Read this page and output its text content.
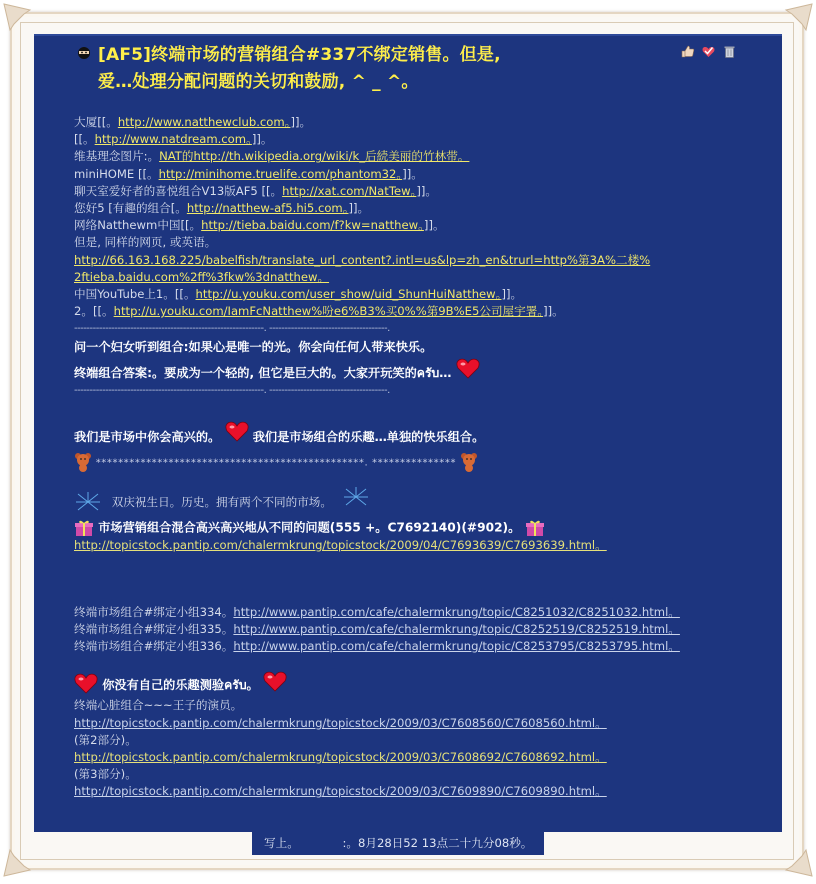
[AF5]终端市场的营销组合#337不绑定销售。但是,
爱…处理分配问题的关切和鼓励, ^ _ ^。
大厦[[。http://www.natthewclub.com。]]。
[[。http://www.natdream.com。]]。
维基理念图片:。NAT的http://th.wikipedia.org/wiki/k_后続美丽的竹林带。
miniHOME [[。http://minihome.truelife.com/phantom32。]]。
聊天室爱好者的喜悦组合V13版AF5 [[。http://xat.com/NatTew。]]。
您好5 [有趣的组合[。http://natthew-af5.hi5.com。]]。
网络Natthewm中国[[。http://tieba.baidu.com/f?kw=natthew。]]。
但是, 同样的网页, 或英语。
http://66.163.168.225/babelfish/translate_url_content?.intl=us&lp=zh_en&trurl=http%第3A%二楼%
2ftieba.baidu.com%2ff%3fkw%3dnatthew。
中国YouTube上1。[[。http://u.youku.com/user_show/uid_ShunHuiNatthew。]]。
2。[[。http://u.youku.com/IamFcNatthew%吩e6%B3%买0%%第9B%E5公司屋宇署。]]。
-------------------------------------------------------------. --------------------------------------.
问一个妇女听到组合:如果心是唯一的光。你会向任何人带来快乐。
终端组合答案:。要成为一个轻的, 但它是巨大的。大家开玩笑的ครับ…
-------------------------------------------------------------. --------------------------------------.
我们是市场中你会高兴的。	我们是市场组合的乐趣…单独的快乐组合。
************************************************. ***************
双庆祝生日。历史。拥有两个不同的市场。
市场营销组合混合高兴高兴地从不同的问题(555 +。C7692140)(#902)。
http://topicstock.pantip.com/chalermkrung/topicstock/2009/04/C7693639/C7693639.html。
终端市场组合#绑定小组334。http://www.pantip.com/cafe/chalermkrung/topic/C8251032/C8251032.html。
终端市场组合#绑定小组335。http://www.pantip.com/cafe/chalermkrung/topic/C8252519/C8252519.html。
终端市场组合#绑定小组336。http://www.pantip.com/cafe/chalermkrung/topic/C8253795/C8253795.html。
你没有自己的乐趣测验ครับ。
终端心脏组合~~~王子的演员。
http://topicstock.pantip.com/chalermkrung/topicstock/2009/03/C7608560/C7608560.html。
(第2部分)。
http://topicstock.pantip.com/chalermkrung/topicstock/2009/03/C7608692/C7608692.html。
(第3部分)。
http://topicstock.pantip.com/chalermkrung/topicstock/2009/03/C7609890/C7609890.html。
写上。	:。8月28日52 13点二十九分08秒。
